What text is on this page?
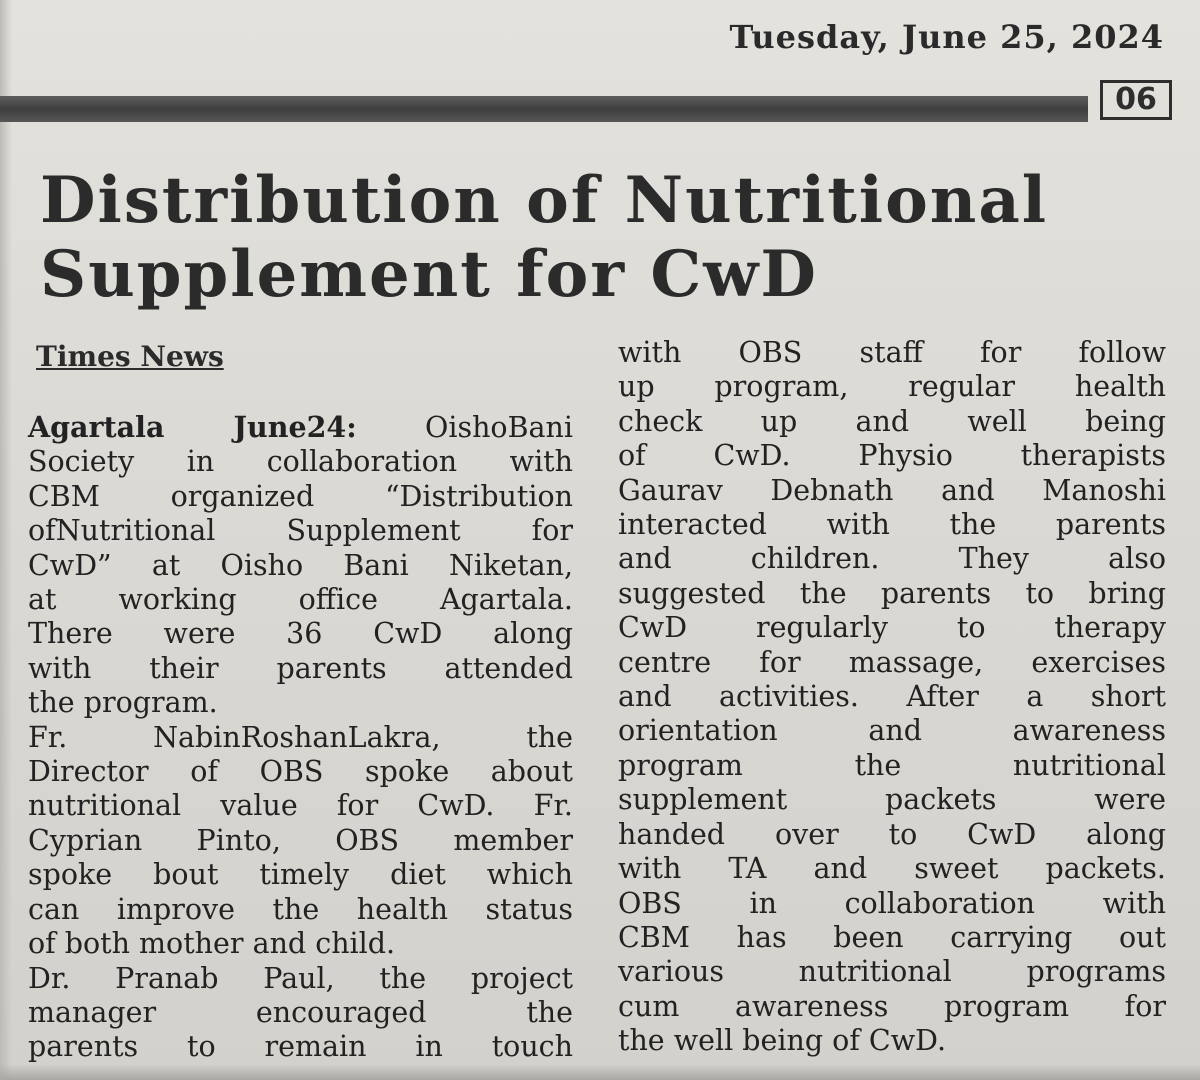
Tuesday, June 25, 2024
06
Distribution of Nutritional
Supplement for CwD
Times News
Agartala June24: OishoBani
Society in collaboration with
CBM organized “Distribution
ofNutritional Supplement for
CwD” at Oisho Bani Niketan,
at working office Agartala.
There were 36 CwD along
with their parents attended
the program.
Fr. NabinRoshanLakra, the
Director of OBS spoke about
nutritional value for CwD. Fr.
Cyprian Pinto, OBS member
spoke bout timely diet which
can improve the health status
of both mother and child.
Dr. Pranab Paul, the project
manager encouraged the
parents to remain in touch
with OBS staff for follow
up program, regular health
check up and well being
of CwD. Physio therapists
Gaurav Debnath and Manoshi
interacted with the parents
and children. They also
suggested the parents to bring
CwD regularly to therapy
centre for massage, exercises
and activities. After a short
orientation and awareness
program the nutritional
supplement packets were
handed over to CwD along
with TA and sweet packets.
OBS in collaboration with
CBM has been carrying out
various nutritional programs
cum awareness program for
the well being of CwD.
